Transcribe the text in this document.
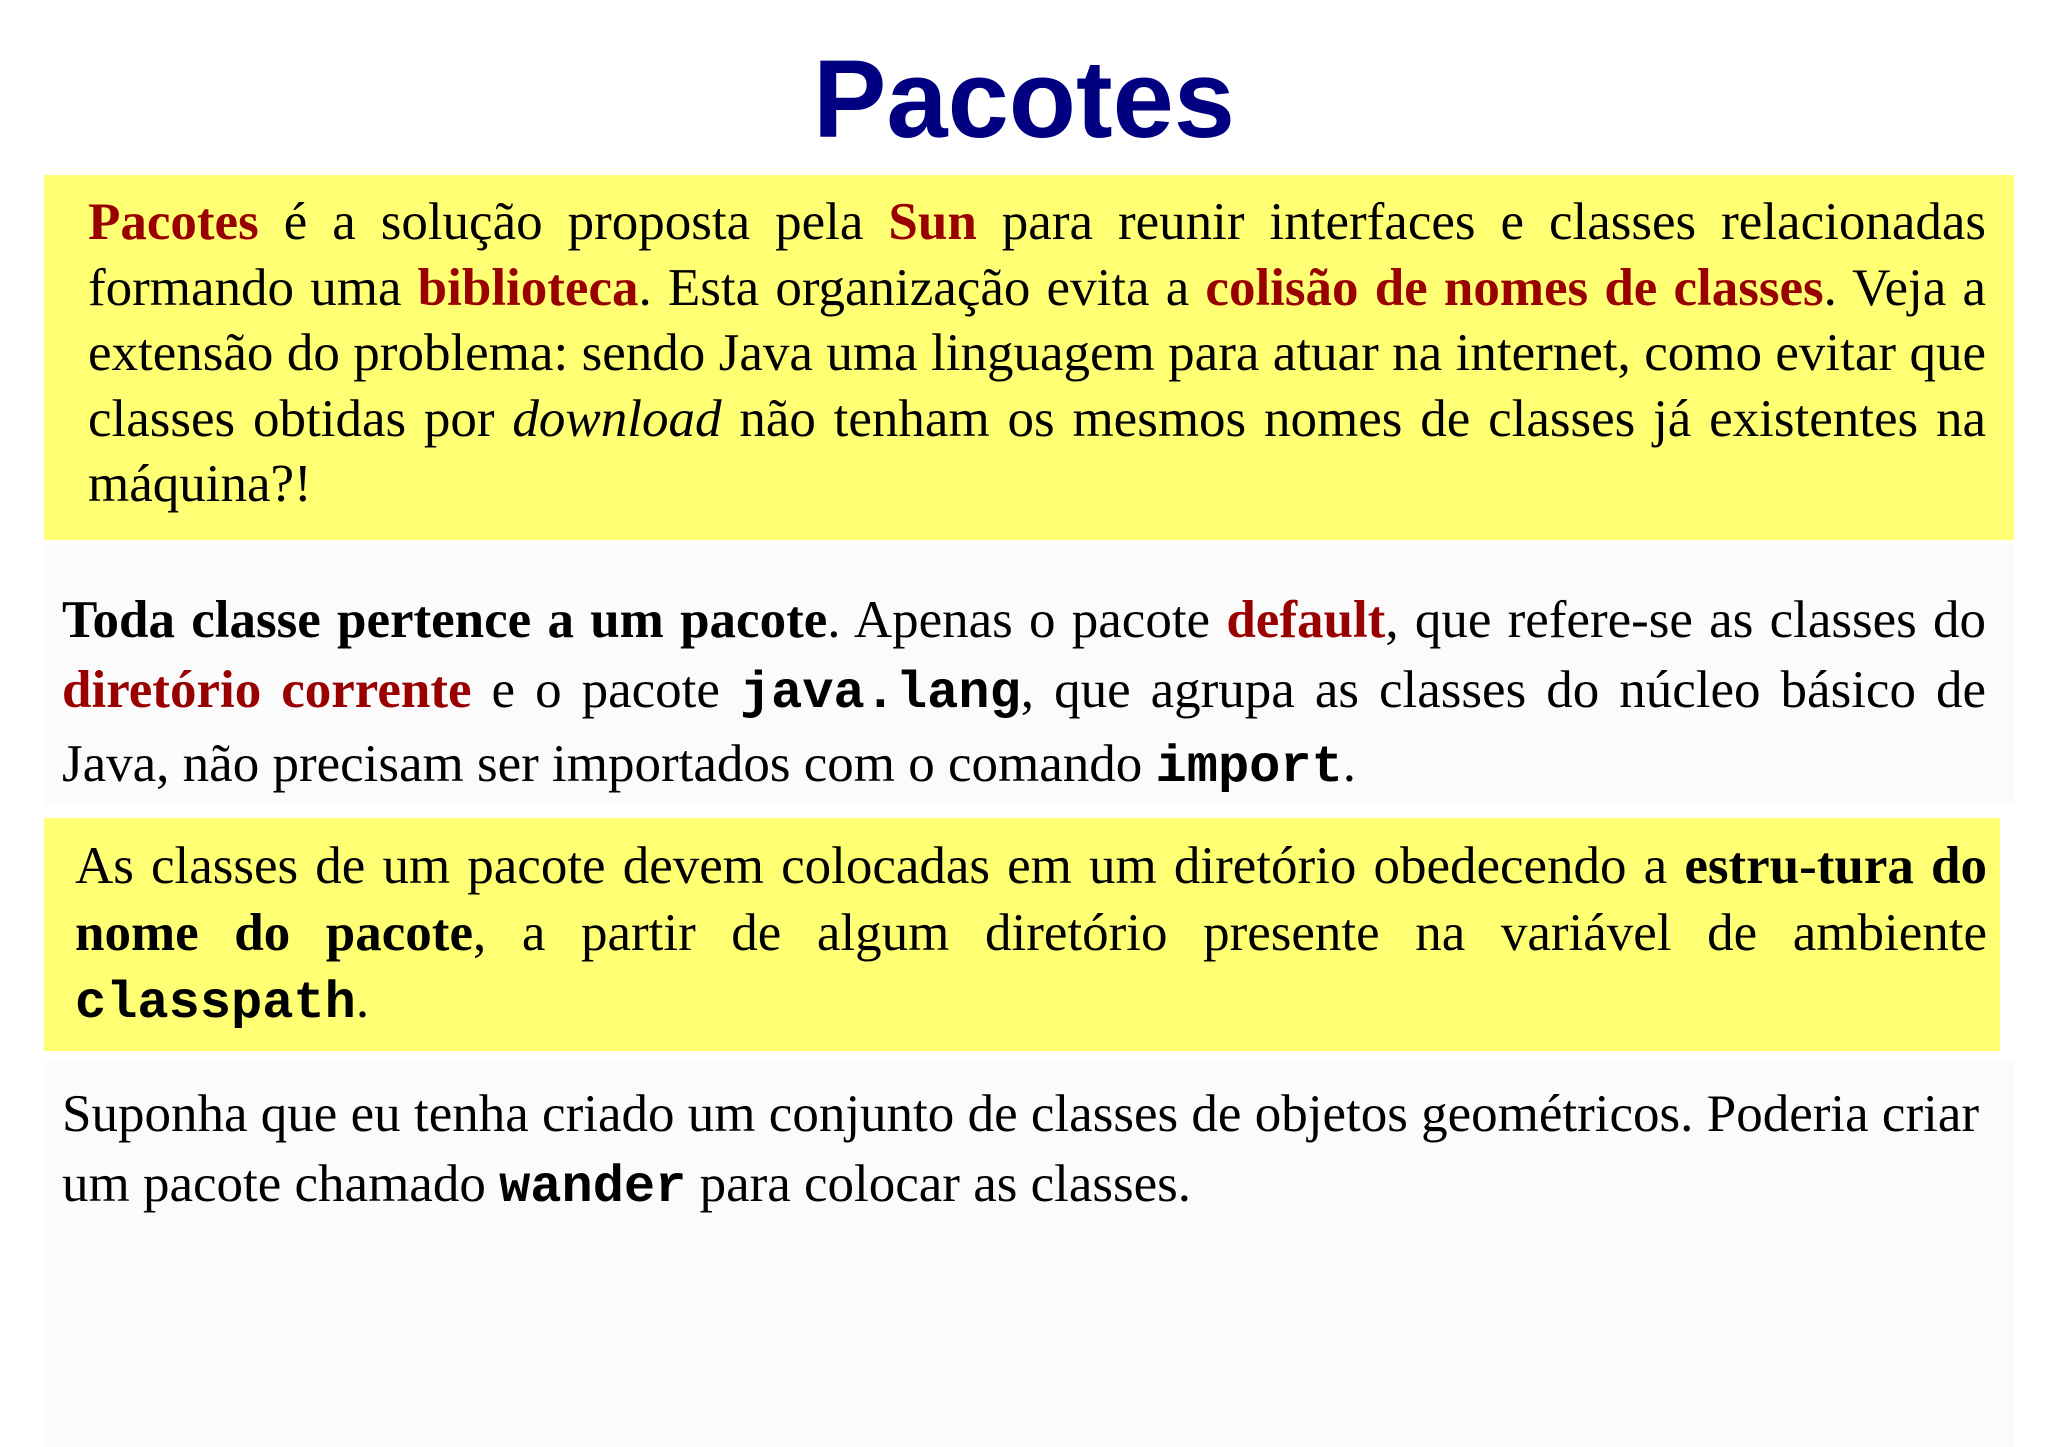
Pacotes
Pacotes é a solução proposta pela Sun para reunir interfaces e classes relacionadas formando uma biblioteca. Esta organização evita a colisão de nomes de classes. Veja a extensão do problema: sendo Java uma linguagem para atuar na internet, como evitar que classes obtidas por download não tenham os mesmos nomes de classes já existentes na máquina?!
Toda classe pertence a um pacote. Apenas o pacote default, que refere-se as classes do diretório corrente e o pacote java.lang, que agrupa as classes do núcleo básico de Java, não precisam ser importados com o comando import.
As classes de um pacote devem colocadas em um diretório obedecendo a estru-tura do nome do pacote, a partir de algum diretório presente na variável de ambiente classpath.
Suponha que eu tenha criado um conjunto de classes de objetos geométricos. Poderia criar um pacote chamado wander para colocar as classes.
